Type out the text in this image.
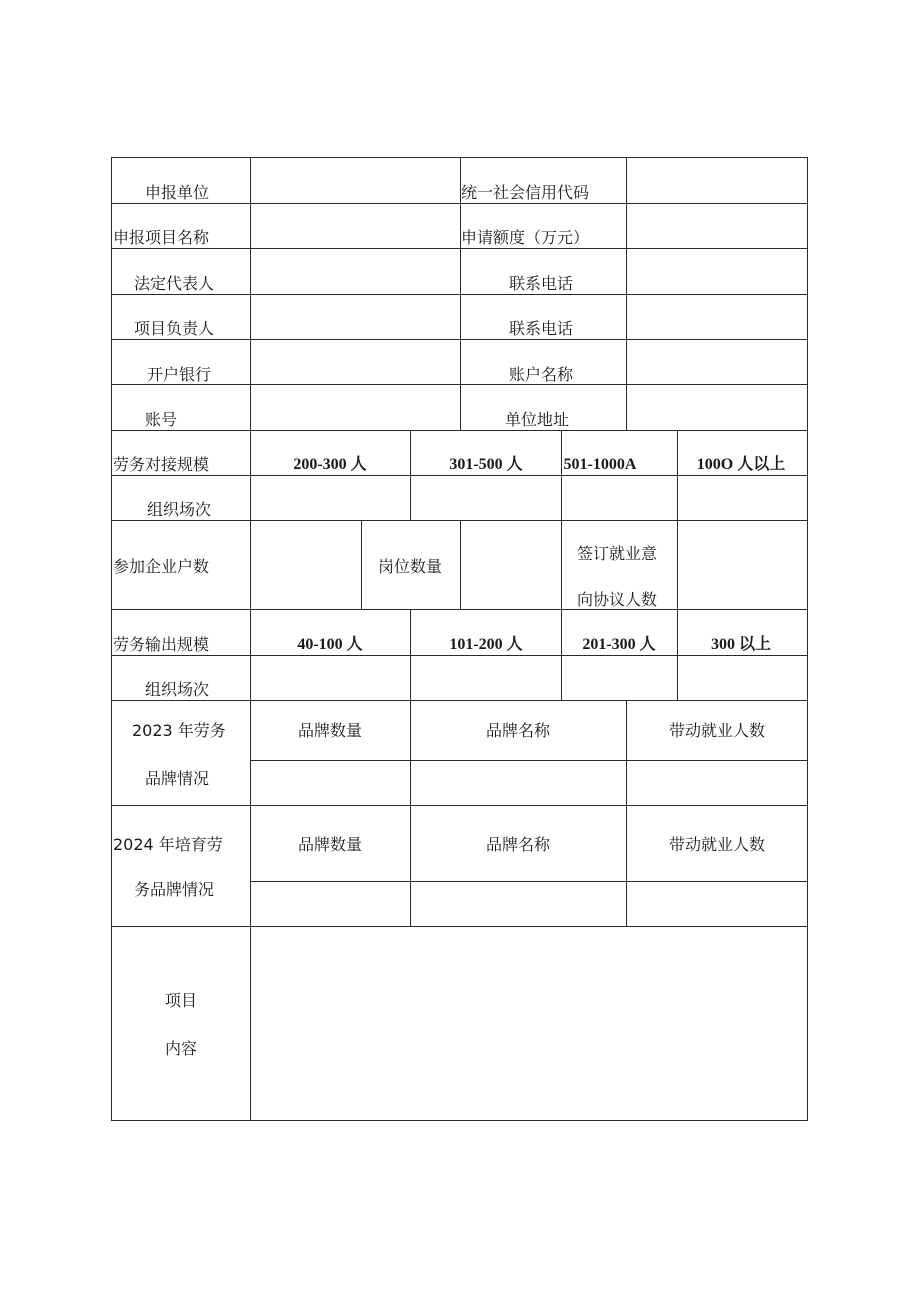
申报单位	统一社会信用代码
申报项目名称	申请额度（万元）
法定代表人	联系电话
项目负责人	联系电话
开户银行	账户名称
账号	单位地址
劳务对接规模	200-300 人	301-500 人	501-1000A	100O 人以上
组织场次
参加企业户数	岗位数量
签订就业意
向协议人数
劳务输出规模	40-100 人	101-200 人	201-300 人	300 以上
组织场次
2023 年劳务
品牌情况
品牌数量	品牌名称	带动就业人数
2024 年培育劳
务品牌情况
品牌数量	品牌名称	带动就业人数
项目
内容
